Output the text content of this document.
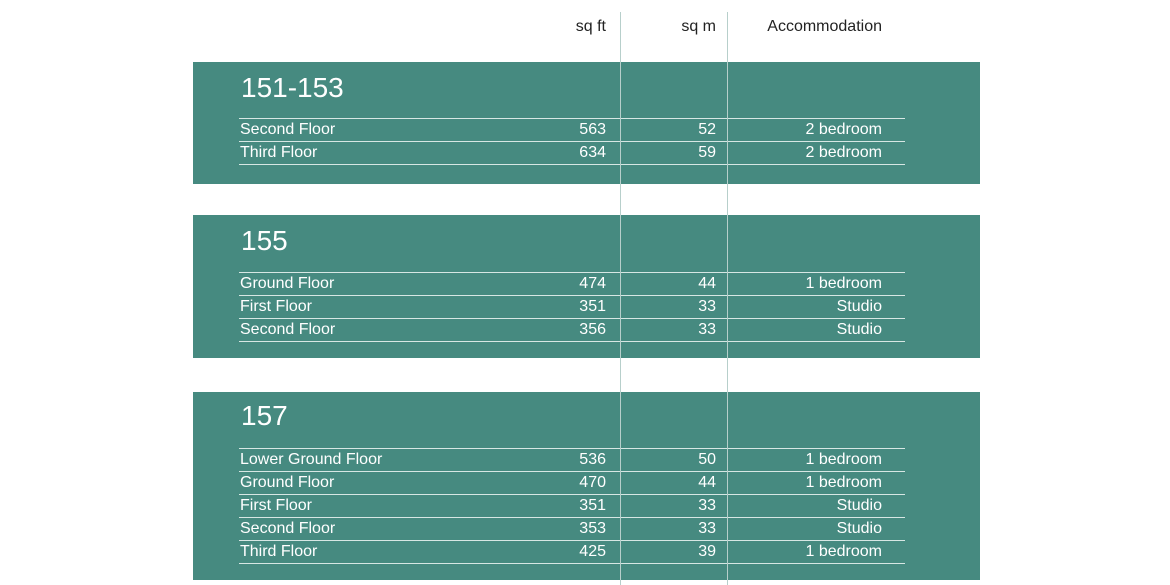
sq ft	sq m	Accommodation
151-153
Second Floor	563	52	2 bedroom
Third Floor	634	59	2 bedroom
155
Ground Floor	474	44	1 bedroom
First Floor	351	33	Studio
Second Floor	356	33	Studio
157
Lower Ground Floor	536	50	1 bedroom
Ground Floor	470	44	1 bedroom
First Floor	351	33	Studio
Second Floor	353	33	Studio
Third Floor	425	39	1 bedroom
